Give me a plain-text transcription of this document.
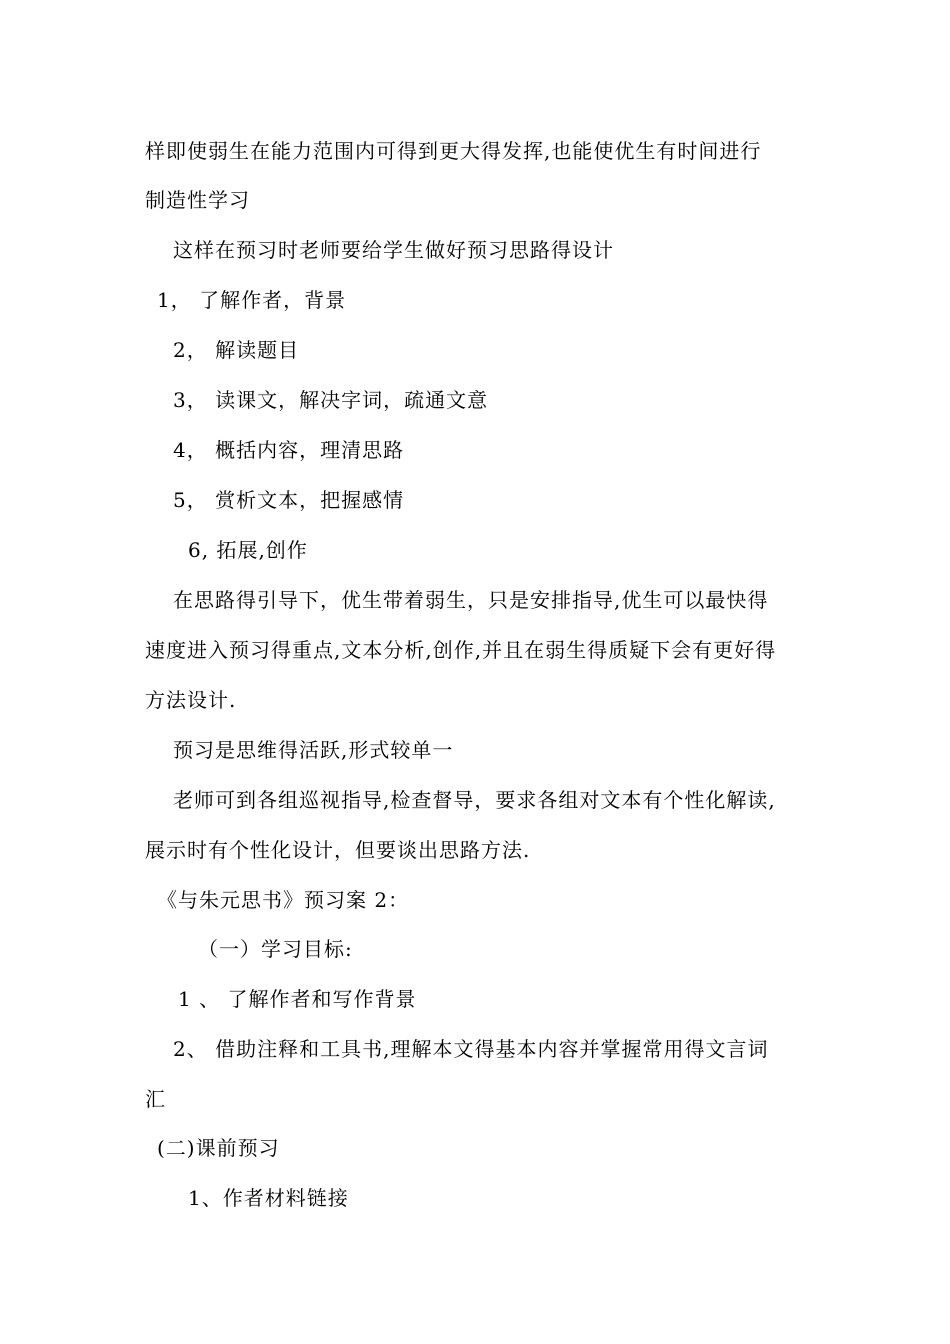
样即使弱生在能力范围内可得到更大得发挥,也能使优生有时间进行
制造性学习
这样在预习时老师要给学生做好预习思路得设计
1， 了解作者，背景
2， 解读题目
3， 读课文，解决字词，疏通文意
4， 概括内容，理清思路
5， 赏析文本，把握感情
6, 拓展,创作
在思路得引导下，优生带着弱生，只是安排指导,优生可以最快得
速度进入预习得重点,文本分析,创作,并且在弱生得质疑下会有更好得
方法设计.
预习是思维得活跃,形式较单一
老师可到各组巡视指导,检查督导，要求各组对文本有个性化解读,
展示时有个性化设计，但要谈出思路方法.
《与朱元思书》预习案 2：
（一）学习目标:
1 、 了解作者和写作背景
2、 借助注释和工具书,理解本文得基本内容并掌握常用得文言词
汇
(二)课前预习
1、作者材料链接
